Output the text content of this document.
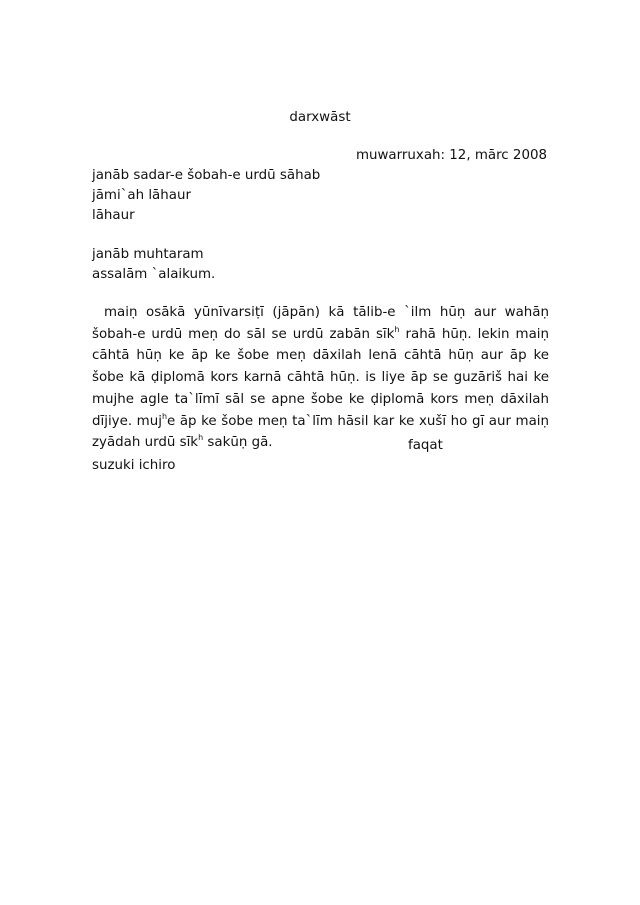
darxwāst
muwarruxah: 12, mārc 2008
janāb sadar-e šobah-e urdū sāhab
jāmi`ah lāhaur
lāhaur
janāb muhtaram
assalām `alaikum.
maiṇ osākā yūnīvarsiṭī (jāpān) kā tālib-e `ilm hūṇ aur wahāṇ šobah-e urdū meṇ do sāl se urdū zabān sīk$^h$ rahā hūṇ. lekin maiṇ cāhtā hūṇ ke āp ke šobe meṇ dāxilah lenā cāhtā hūṇ aur āp ke šobe kā ḍiplomā kors karnā cāhtā hūṇ. is liye āp se guzāriš hai ke mujhe agle ta`līmī sāl se apne šobe ke ḍiplomā kors meṇ dāxilah dījiye. muj$^h$e āp ke šobe meṇ ta`līm hāsil kar ke xušī ho gī aur maiṇ zyādah urdū sīk$^h$ sakūṇ gā.	faqat
suzuki ichiro
